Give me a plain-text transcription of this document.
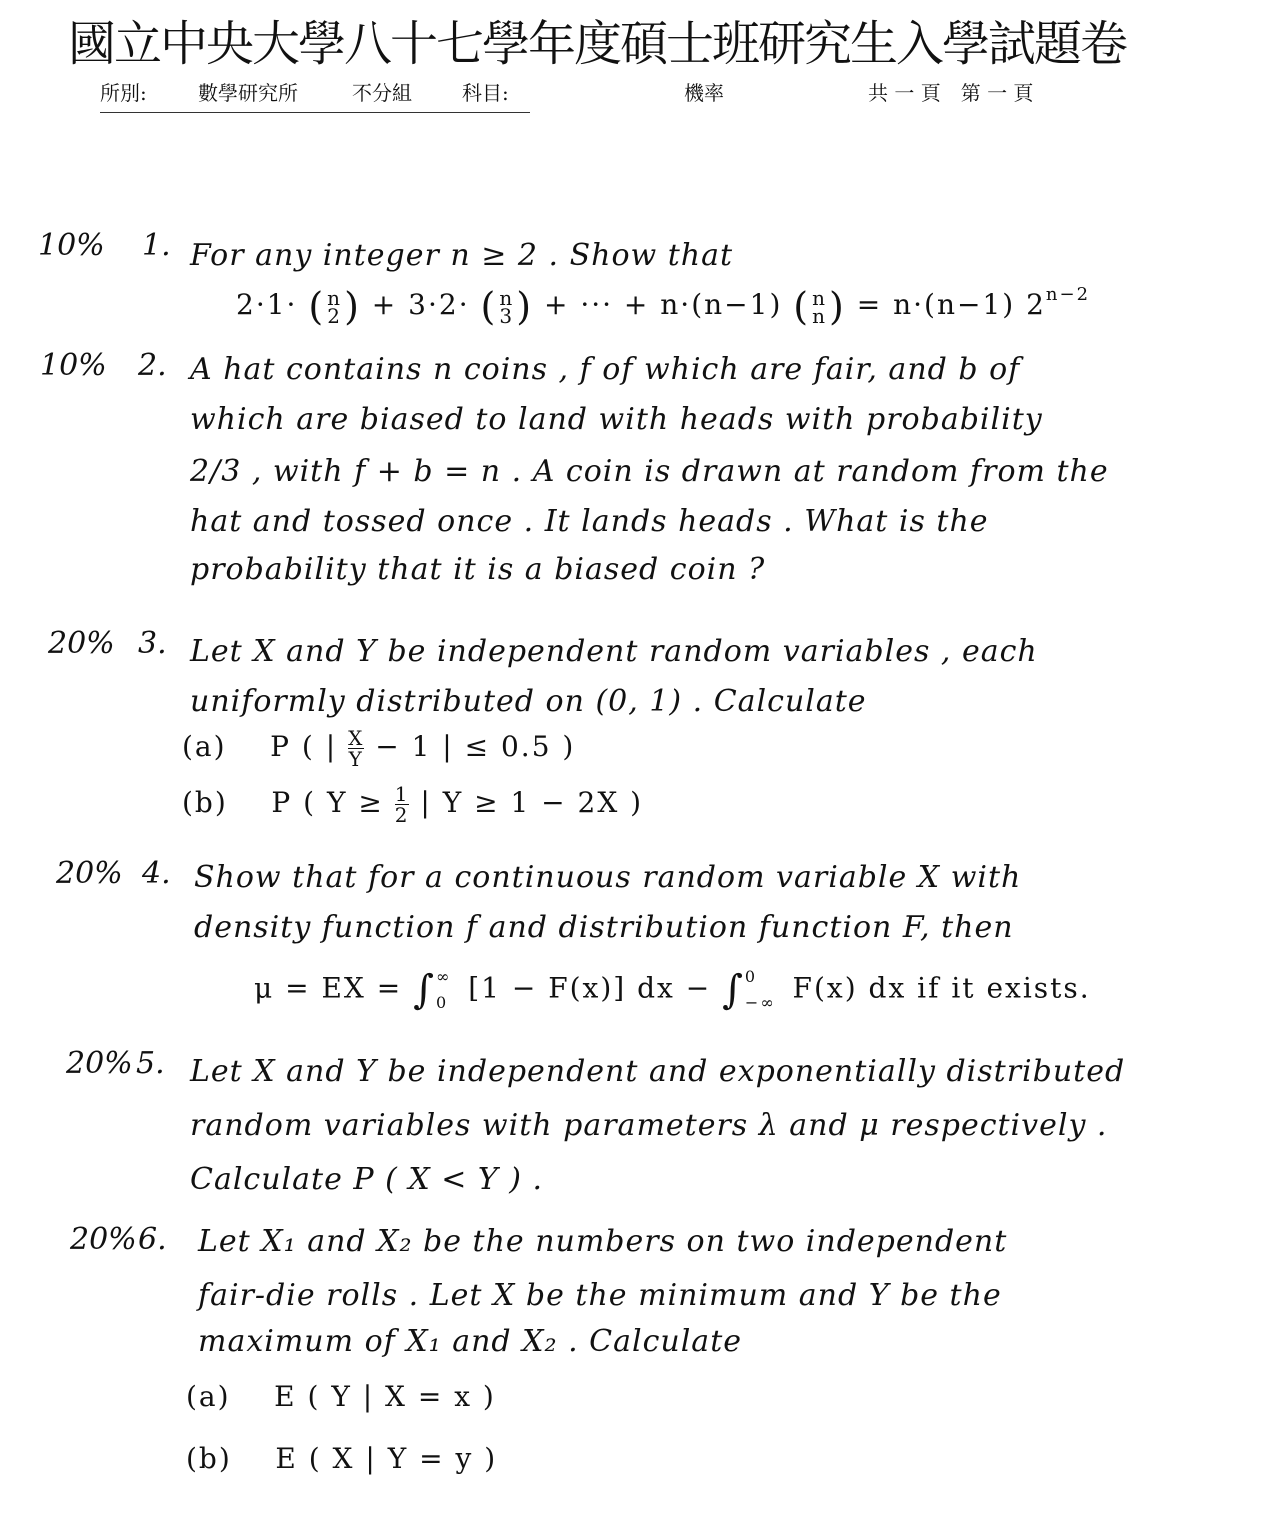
國立中央大學八十七學年度碩士班研究生入學試題卷
所別:	數學研究所	不分組	科目:	機率	共 一 頁　第 一 頁
10% 1. For any integer n ≥ 2 . Show that
2·1· ( n
2) + 3·2· ( n
3) + ··· + n·(n−1) ( n
n) = n·(n−1) $2^{n-2}$
10% 2. A hat contains n coins , f of which are fair, and b of
which are biased to land with heads with probability
2/3 , with f + b = n . A coin is drawn at random from the
hat and tossed once . It lands heads . What is the
probability that it is a biased coin ?
20% 3. Let X and Y be independent random variables , each
uniformly distributed on (0, 1) . Calculate
(a) P ( | $\frac{X}{Y} - 1$ | ≤ 0.5 )
(b) P ( $Y \ge \frac{1}{2}$ | Y ≥ 1 − 2X )
20% 4. Show that for a continuous random variable X with
density function f and distribution function F, then
μ = EX = ∫∞
0 [1 − F(x)] dx − ∫0
−∞ F(x) dx if it exists.
20% 5. Let X and Y be independent and exponentially distributed
random variables with parameters λ and μ respectively .
Calculate P ( X < Y ) .
20% 6. Let X₁ and X₂ be the numbers on two independent
fair-die rolls . Let X be the minimum and Y be the
maximum of X₁ and X₂ . Calculate
(a) E ( Y | X = x )
(b) E ( X | Y = y )
